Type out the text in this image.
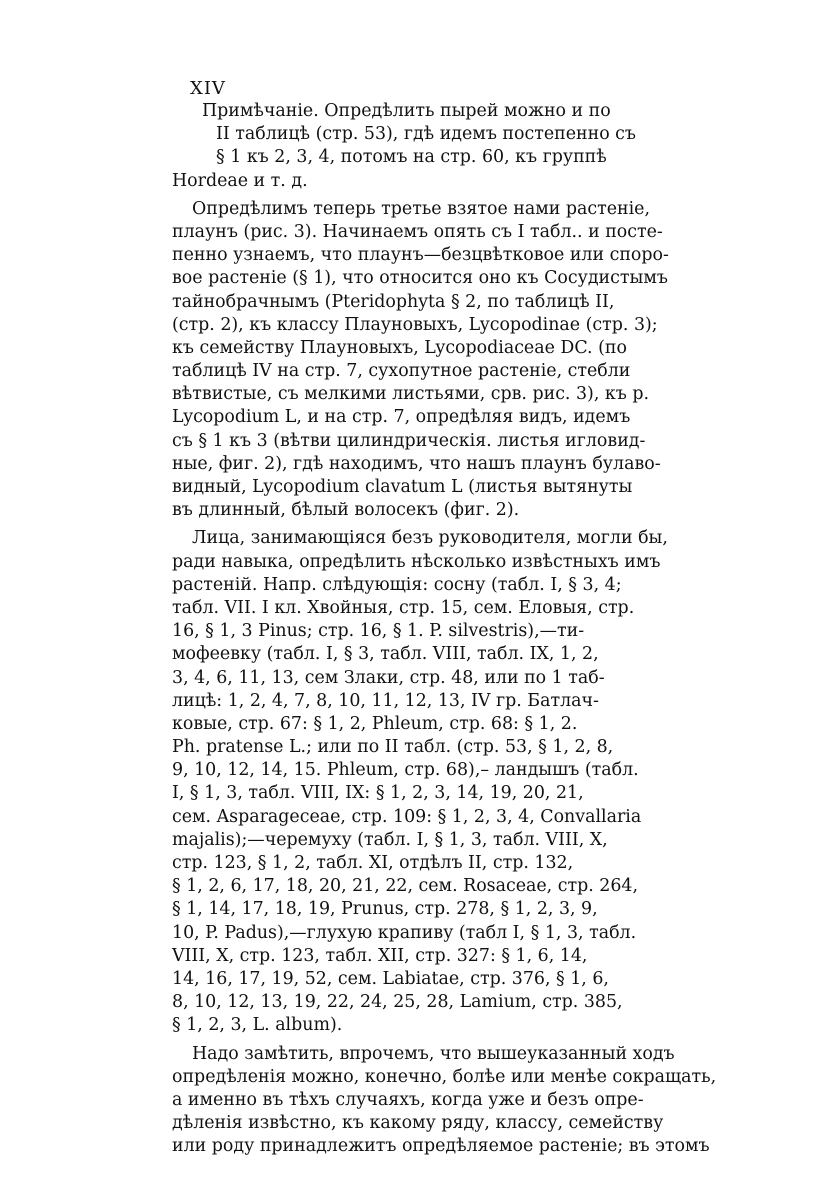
XIV
Примѣчаніе. Опредѣлить пырей можно и по
II таблицѣ (стр. 53), гдѣ идемъ постепенно съ
§ 1 къ 2, 3, 4, потомъ на стр. 60, къ группѣ
Hordeae и т. д.
Опредѣлимъ теперь третье взятое нами растеніе,
плаунъ (рис. 3). Начинаемъ опять съ I табл.. и посте-
пенно узнаемъ, что плаунъ—безцвѣтковое или споро-
вое растеніе (§ 1), что относится оно къ Сосудистымъ
тайнобрачнымъ (Pteridophyta § 2, по таблицѣ II,
(стр. 2), къ классу Плауновыхъ, Lycopodinae (стр. 3);
къ семейству Плауновыхъ, Lycopodiaceae DC. (по
таблицѣ IV на стр. 7, сухопутное растеніе, стебли
вѣтвистые, съ мелкими листьями, срв. рис. 3), къ р.
Lycopodium L, и на стр. 7, опредѣляя видъ, идемъ
съ § 1 къ 3 (вѣтви цилиндрическія. листья игловид-
ные, фиг. 2), гдѣ находимъ, что нашъ плаунъ булаво-
видный, Lycopodium clavatum L (листья вытянуты
въ длинный, бѣлый волосекъ (фиг. 2).
Лица, занимающіяся безъ руководителя, могли бы,
ради навыка, опредѣлить нѣсколько извѣстныхъ имъ
растеній. Напр. слѣдующія: сосну (табл. I, § 3, 4;
табл. VII. I кл. Хвойныя, стр. 15, сем. Еловыя, стр.
16, § 1, 3 Pinus; стр. 16, § 1. P. silvestris),—ти-
мофеевку (табл. I, § 3, табл. VIII, табл. IX, 1, 2,
3, 4, 6, 11, 13, сем Злаки, стр. 48, или по 1 таб-
лицѣ: 1, 2, 4, 7, 8, 10, 11, 12, 13, IV гр. Батлач-
ковые, стр. 67: § 1, 2, Phleum, стр. 68: § 1, 2.
Ph. pratense L.; или по II табл. (стр. 53, § 1, 2, 8,
9, 10, 12, 14, 15. Phleum, стр. 68),– ландышъ (табл.
I, § 1, 3, табл. VIII, IX: § 1, 2, 3, 14, 19, 20, 21,
сем. Asparageceae, стр. 109: § 1, 2, 3, 4, Convallaria
majalis);—черемуху (табл. I, § 1, 3, табл. VIII, X,
стр. 123, § 1, 2, табл. XI, отдѣлъ II, стр. 132,
§ 1, 2, 6, 17, 18, 20, 21, 22, сем. Rosaceae, стр. 264,
§ 1, 14, 17, 18, 19, Prunus, стр. 278, § 1, 2, 3, 9,
10, P. Padus),—глухую крапиву (табл I, § 1, 3, табл.
VIII, X, стр. 123, табл. XII, стр. 327: § 1, 6, 14,
14, 16, 17, 19, 52, сем. Labiatae, стр. 376, § 1, 6,
8, 10, 12, 13, 19, 22, 24, 25, 28, Lamium, стр. 385,
§ 1, 2, 3, L. album).
Надо замѣтить, впрочемъ, что вышеуказанный ходъ
опредѣленія можно, конечно, болѣе или менѣе сокращать,
а именно въ тѣхъ случаяхъ, когда уже и безъ опре-
дѣленія извѣстно, къ какому ряду, классу, семейству
или роду принадлежитъ опредѣляемое растеніе; въ этомъ
